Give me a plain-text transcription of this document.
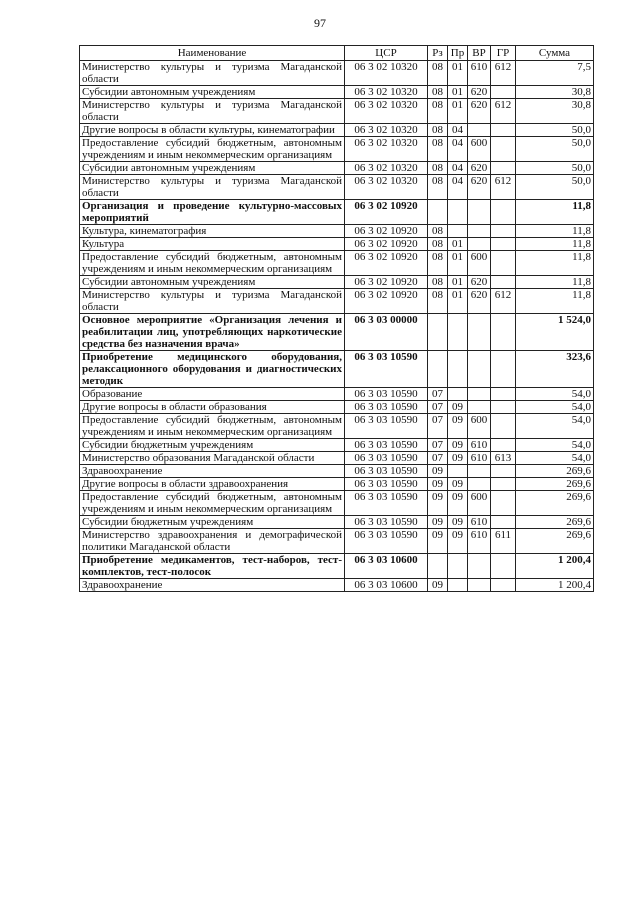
97
Наименование	ЦСР	Рз	Пр	ВР	ГР	Сумма
Министерство культуры и туризма Магаданской области	06 3 02 10320	08	01	610	612	7,5
Субсидии автономным учреждениям	06 3 02 10320	08	01	620		30,8
Министерство культуры и туризма Магаданской области	06 3 02 10320	08	01	620	612	30,8
Другие вопросы в области культуры, кинематографии	06 3 02 10320	08	04			50,0
Предоставление субсидий бюджетным, автономным учреждениям и иным некоммерческим организациям	06 3 02 10320	08	04	600		50,0
Субсидии автономным учреждениям	06 3 02 10320	08	04	620		50,0
Министерство культуры и туризма Магаданской области	06 3 02 10320	08	04	620	612	50,0
Организация и проведение культурно-массовых мероприятий	06 3 02 10920					11,8
Культура, кинематография	06 3 02 10920	08				11,8
Культура	06 3 02 10920	08	01			11,8
Предоставление субсидий бюджетным, автономным учреждениям и иным некоммерческим организациям	06 3 02 10920	08	01	600		11,8
Субсидии автономным учреждениям	06 3 02 10920	08	01	620		11,8
Министерство культуры и туризма Магаданской области	06 3 02 10920	08	01	620	612	11,8
Основное мероприятие «Организация лечения и реабилитации лиц, употребляющих наркотические средства без назначения врача»	06 3 03 00000					1 524,0
Приобретение медицинского оборудования, релаксационного оборудования и диагностических методик	06 3 03 10590					323,6
Образование	06 3 03 10590	07				54,0
Другие вопросы в области образования	06 3 03 10590	07	09			54,0
Предоставление субсидий бюджетным, автономным учреждениям и иным некоммерческим организациям	06 3 03 10590	07	09	600		54,0
Субсидии бюджетным учреждениям	06 3 03 10590	07	09	610		54,0
Министерство образования Магаданской области	06 3 03 10590	07	09	610	613	54,0
Здравоохранение	06 3 03 10590	09				269,6
Другие вопросы в области здравоохранения	06 3 03 10590	09	09			269,6
Предоставление субсидий бюджетным, автономным учреждениям и иным некоммерческим организациям	06 3 03 10590	09	09	600		269,6
Субсидии бюджетным учреждениям	06 3 03 10590	09	09	610		269,6
Министерство здравоохранения и демографической политики Магаданской области	06 3 03 10590	09	09	610	611	269,6
Приобретение медикаментов, тест-наборов, тест-комплектов, тест-полосок	06 3 03 10600					1 200,4
Здравоохранение	06 3 03 10600	09				1 200,4
